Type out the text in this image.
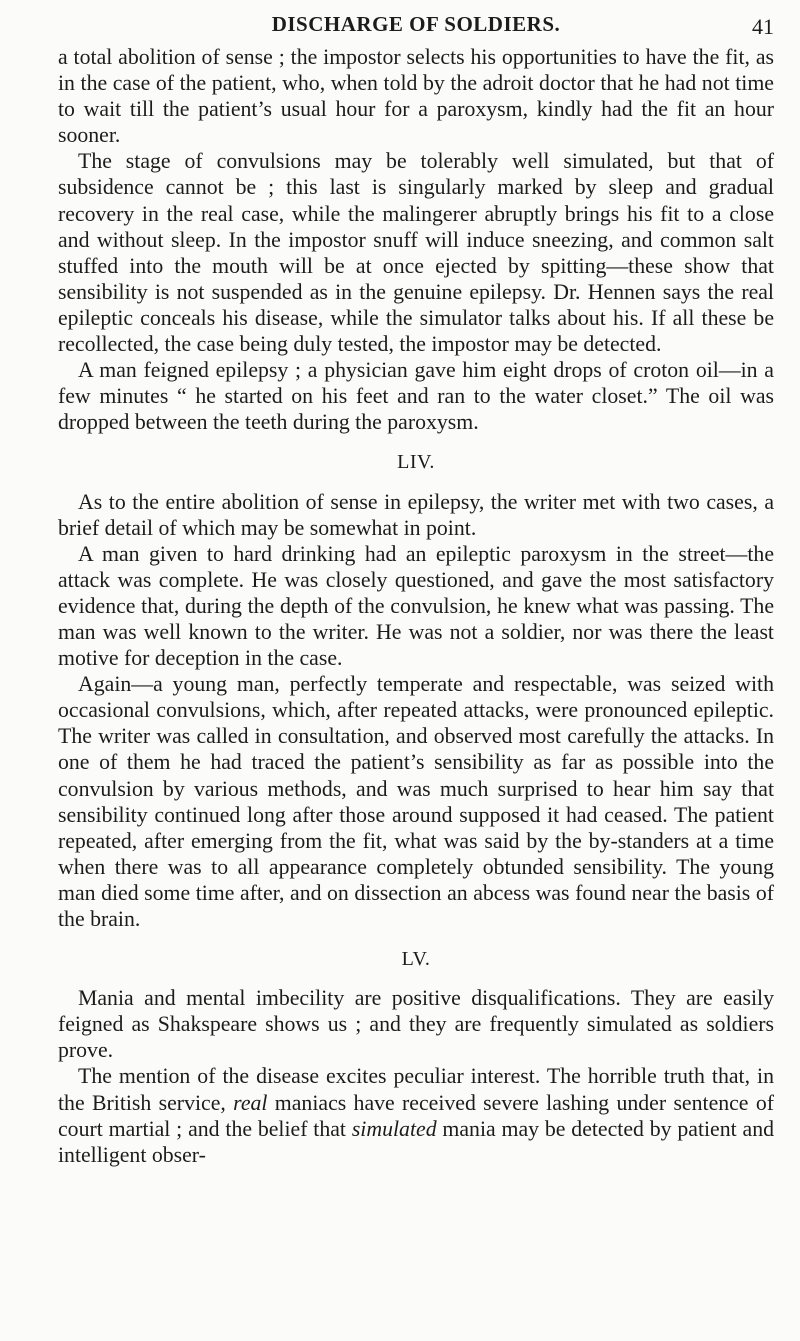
DISCHARGE OF SOLDIERS.	41

a total abolition of sense ; the impostor selects his opportunities to have the fit, as in the case of the patient, who, when told by the adroit doctor that he had not time to wait till the patient’s usual hour for a paroxysm, kindly had the fit an hour sooner.

The stage of convulsions may be tolerably well simulated, but that of subsidence cannot be ; this last is singularly marked by sleep and gradual recovery in the real case, while the malingerer abruptly brings his fit to a close and without sleep. In the impostor snuff will induce sneezing, and common salt stuffed into the mouth will be at once ejected by spitting—these show that sensibility is not suspended as in the genuine epilepsy. Dr. Hennen says the real epileptic conceals his disease, while the simulator talks about his. If all these be recollected, the case being duly tested, the impostor may be detected.

A man feigned epilepsy ; a physician gave him eight drops of croton oil—in a few minutes “ he started on his feet and ran to the water closet.” The oil was dropped between the teeth during the paroxysm.

LIV.

As to the entire abolition of sense in epilepsy, the writer met with two cases, a brief detail of which may be somewhat in point.

A man given to hard drinking had an epileptic paroxysm in the street—the attack was complete. He was closely questioned, and gave the most satisfactory evidence that, during the depth of the convulsion, he knew what was passing. The man was well known to the writer. He was not a soldier, nor was there the least motive for deception in the case.

Again—a young man, perfectly temperate and respectable, was seized with occasional convulsions, which, after repeated attacks, were pronounced epileptic. The writer was called in consultation, and observed most carefully the attacks. In one of them he had traced the patient’s sensibility as far as possible into the convulsion by various methods, and was much surprised to hear him say that sensibility continued long after those around supposed it had ceased. The patient repeated, after emerging from the fit, what was said by the by-standers at a time when there was to all appearance completely obtunded sensibility. The young man died some time after, and on dissection an abcess was found near the basis of the brain.

LV.

Mania and mental imbecility are positive disqualifications. They are easily feigned as Shakspeare shows us ; and they are frequently simulated as soldiers prove.

The mention of the disease excites peculiar interest. The horrible truth that, in the British service, real maniacs have received severe lashing under sentence of court martial ; and the belief that simulated mania may be detected by patient and intelligent obser-
